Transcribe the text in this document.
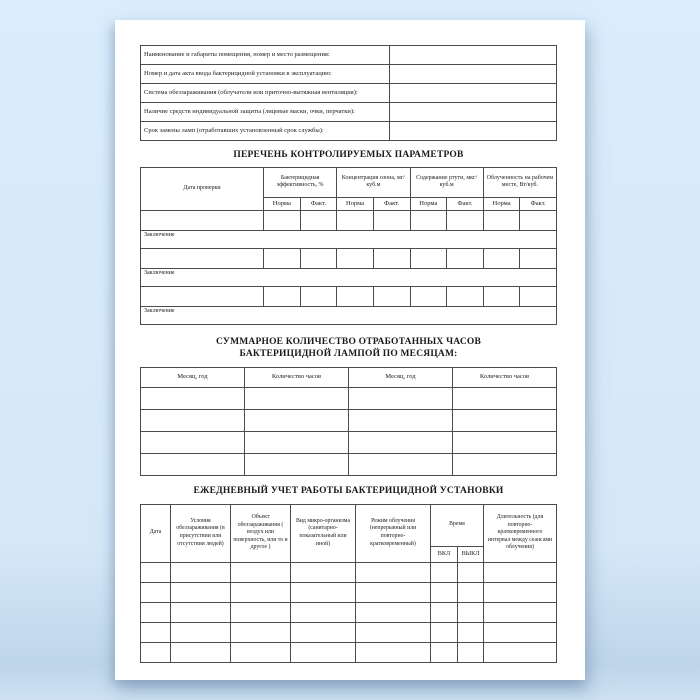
Наименование и габариты помещения, номер и место размещения:	
Номер и дата акта ввода бактерицидной установки в эксплуатацию:	
Система обеззараживания (облучатели или приточно-вытяжная вентиляция):	
Наличие средств индивидуальной защиты (лицевые маски, очки, перчатки):	
Срок замены ламп (отработавших установленный срок службы):	
ПЕРЕЧЕНЬ КОНТРОЛИРУЕМЫХ ПАРАМЕТРОВ
Дата проверки	Бактерицидная эффективность, %		Концентрация озона, мг/ куб.м		Содержание ртути, мкг/ куб.м		Облученность на рабочем месте, Вт/куб.	
	Норма	Факт.	Норма	Факт.	Норма	Факт.	Норма	Факт.

Заключение								

Заключение								

Заключение								
СУММАРНОЕ КОЛИЧЕСТВО ОТРАБОТАННЫХ ЧАСОВ
БАКТЕРИЦИДНОЙ ЛАМПОЙ ПО МЕСЯЦАМ:
Месяц, год	Количество часов	Месяц, год	Количество часов

ЕЖЕДНЕВНЫЙ УЧЕТ РАБОТЫ БАКТЕРИЦИДНОЙ УСТАНОВКИ
Дата	Условия обеззараживания (в присутствии или отсутствии людей)	Объект обеззараживания ( воздух или поверхность, или то и другое )	Вид микро-организма (санитарно-показательный или иной)	Режим облучения (непрерывный или повторно-кратковременный)	Время		Длительность (для повторно-кратковременного интервал между сеансами облучения)
					ВКЛ	ВЫКЛ	
